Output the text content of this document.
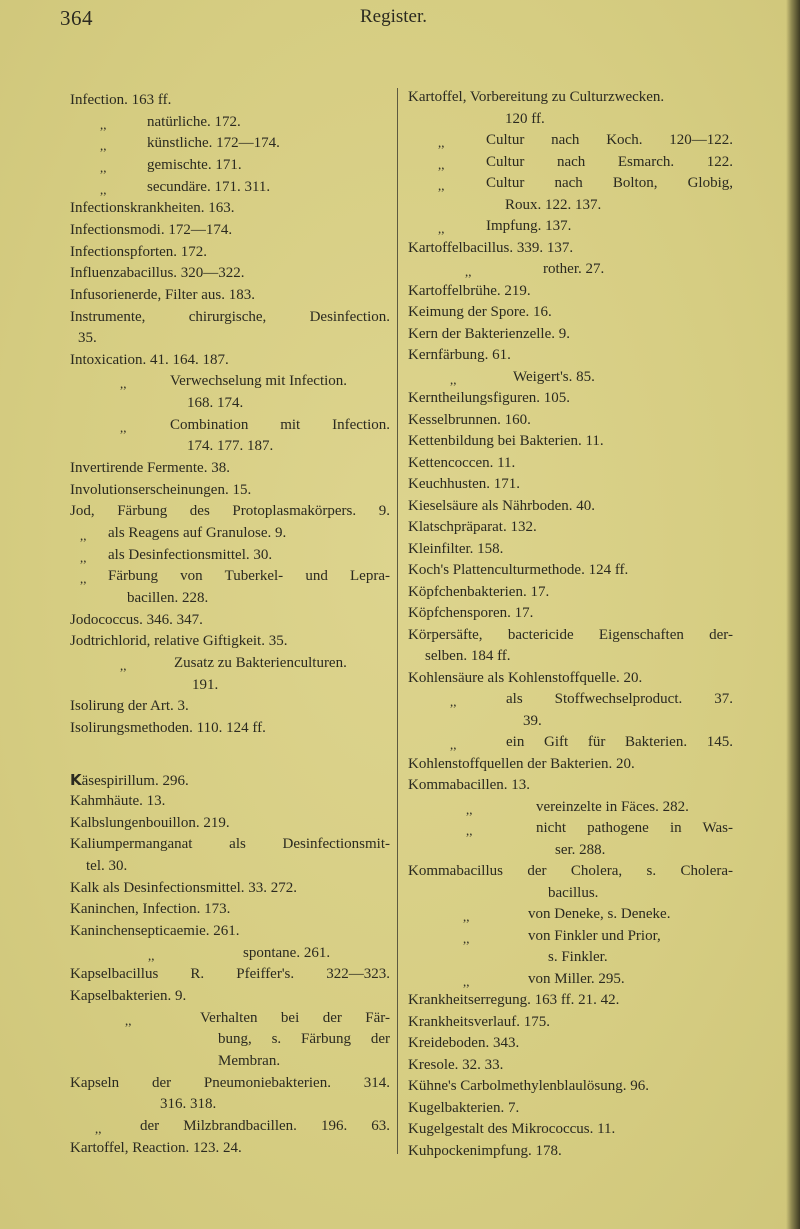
364	Register.
Infection. 163 ff.
,,	natürliche. 172.
,,	künstliche. 172—174.
,,	gemischte. 171.
,,	secundäre. 171. 311.
Infectionskrankheiten. 163.
Infectionsmodi. 172—174.
Infectionspforten. 172.
Influenzabacillus. 320—322.
Infusorienerde, Filter aus. 183.
Instrumente, chirurgische, Desinfection.
35.
Intoxication. 41. 164. 187.
,,	Verwechselung mit Infection.
168. 174.
,,	Combination mit Infection.
174. 177. 187.
Invertirende Fermente. 38.
Involutionserscheinungen. 15.
Jod, Färbung des Protoplasmakörpers. 9.
,, als Reagens auf Granulose. 9.
,, als Desinfectionsmittel. 30.
,, Färbung von Tuberkel- und Lepra-
bacillen. 228.
Jodococcus. 346. 347.
Jodtrichlorid, relative Giftigkeit. 35.
,,	Zusatz zu Bakterienculturen.
191.
Isolirung der Art. 3.
Isolirungsmethoden. 110. 124 ff.
Käsespirillum. 296.
Kahmhäute. 13.
Kalbslungenbouillon. 219.
Kaliumpermanganat als Desinfectionsmit-
tel. 30.
Kalk als Desinfectionsmittel. 33. 272.
Kaninchen, Infection. 173.
Kaninchensepticaemie. 261.
,,	spontane. 261.
Kapselbacillus R. Pfeiffer's. 322—323.
Kapselbakterien. 9.
,,	Verhalten bei der Fär-
bung, s. Färbung der
Membran.
Kapseln der Pneumoniebakterien. 314.
316. 318.
,,	der Milzbrandbacillen. 196. 63.
Kartoffel, Reaction. 123. 24.
Kartoffel, Vorbereitung zu Culturzwecken.
120 ff.
,,	Cultur nach Koch. 120—122.
,,	Cultur nach Esmarch. 122.
,,	Cultur nach Bolton, Globig,
Roux. 122. 137.
,,	Impfung. 137.
Kartoffelbacillus. 339. 137.
,,	rother. 27.
Kartoffelbrühe. 219.
Keimung der Spore. 16.
Kern der Bakterienzelle. 9.
Kernfärbung. 61.
,,	Weigert's. 85.
Kerntheilungsfiguren. 105.
Kesselbrunnen. 160.
Kettenbildung bei Bakterien. 11.
Kettencoccen. 11.
Keuchhusten. 171.
Kieselsäure als Nährboden. 40.
Klatschpräparat. 132.
Kleinfilter. 158.
Koch's Plattenculturmethode. 124 ff.
Köpfchenbakterien. 17.
Köpfchensporen. 17.
Körpersäfte, bactericide Eigenschaften der-
selben. 184 ff.
Kohlensäure als Kohlenstoffquelle. 20.
,,	als Stoffwechselproduct. 37.
39.
,,	ein Gift für Bakterien. 145.
Kohlenstoffquellen der Bakterien. 20.
Kommabacillen. 13.
,,	vereinzelte in Fäces. 282.
,,	nicht pathogene in Was-
ser. 288.
Kommabacillus der Cholera, s. Cholera-
bacillus.
,,	von Deneke, s. Deneke.
,,	von Finkler und Prior,
s. Finkler.
,,	von Miller. 295.
Krankheitserregung. 163 ff. 21. 42.
Krankheitsverlauf. 175.
Kreideboden. 343.
Kresole. 32. 33.
Kühne's Carbolmethylenblaulösung. 96.
Kugelbakterien. 7.
Kugelgestalt des Mikrococcus. 11.
Kuhpockenimpfung. 178.
